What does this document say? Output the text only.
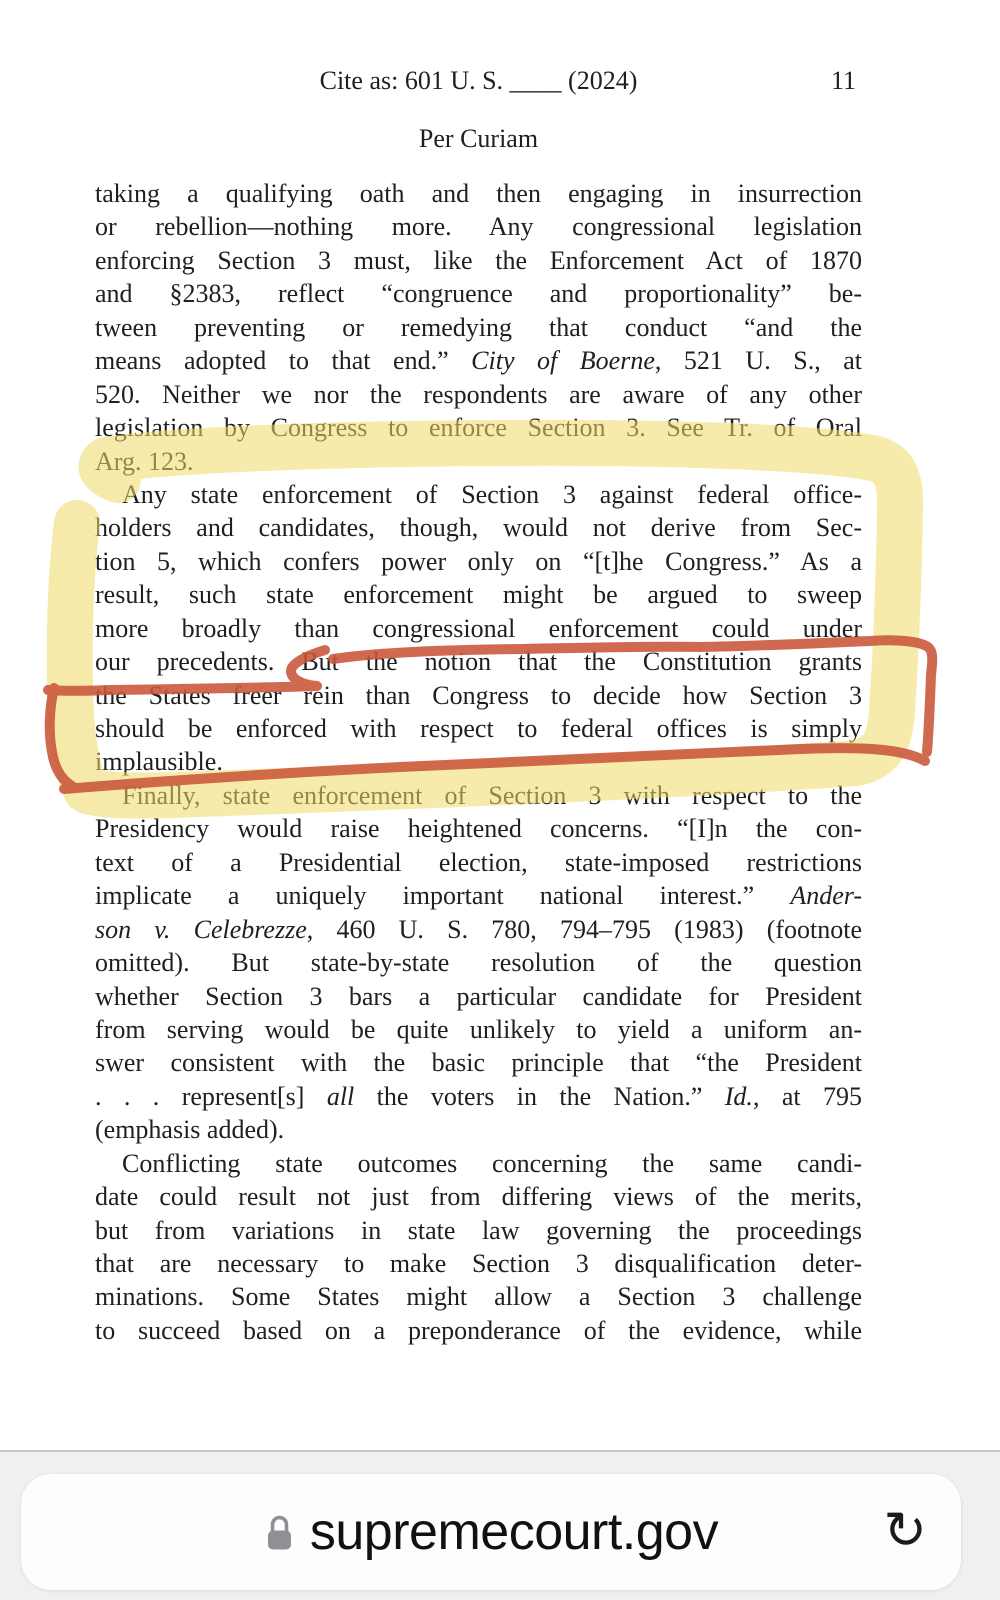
Cite as: 601 U. S. ____ (2024)	11
Per Curiam
taking a qualifying oath and then engaging in insurrection
or rebellion—nothing more. Any congressional legislation
enforcing Section 3 must, like the Enforcement Act of 1870
and §2383, reflect “congruence and proportionality” be-
tween preventing or remedying that conduct “and the
means adopted to that end.” City of Boerne, 521 U. S., at
520. Neither we nor the respondents are aware of any other
legislation by Congress to enforce Section 3. See Tr. of Oral
Arg. 123.
Any state enforcement of Section 3 against federal office-
holders and candidates, though, would not derive from Sec-
tion 5, which confers power only on “[t]he Congress.” As a
result, such state enforcement might be argued to sweep
more broadly than congressional enforcement could under
our precedents. But the notion that the Constitution grants
the States freer rein than Congress to decide how Section 3
should be enforced with respect to federal offices is simply
implausible.
Finally, state enforcement of Section 3 with respect to the
Presidency would raise heightened concerns. “[I]n the con-
text of a Presidential election, state-imposed restrictions
implicate a uniquely important national interest.” Ander-
son v. Celebrezze, 460 U. S. 780, 794–795 (1983) (footnote
omitted). But state-by-state resolution of the question
whether Section 3 bars a particular candidate for President
from serving would be quite unlikely to yield a uniform an-
swer consistent with the basic principle that “the President
. . . represent[s] all the voters in the Nation.” Id., at 795
(emphasis added).
Conflicting state outcomes concerning the same candi-
date could result not just from differing views of the merits,
but from variations in state law governing the proceedings
that are necessary to make Section 3 disqualification deter-
minations. Some States might allow a Section 3 challenge
to succeed based on a preponderance of the evidence, while
supremecourt.gov	↻
